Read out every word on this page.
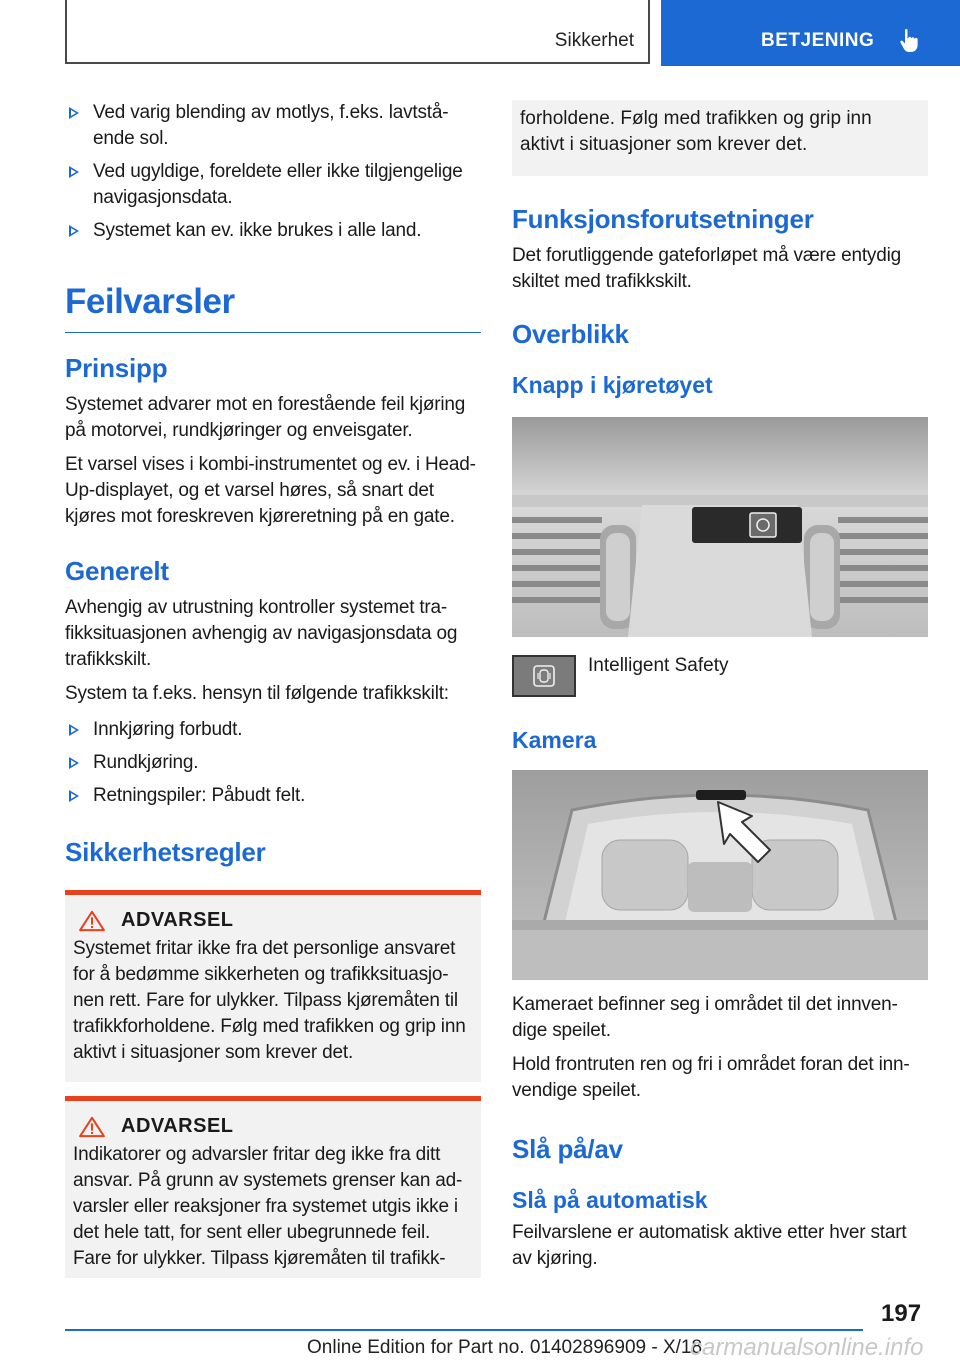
Sikkerhet	BETJENING
Ved varig blending av motlys, f.eks. lavtstå-ende sol.
Ved ugyldige, foreldete eller ikke tilgjengelige navigasjonsdata.
Systemet kan ev. ikke brukes i alle land.
Feilvarsler
Prinsipp

Systemet advarer mot en forestående feil kjøring på motorvei, rundkjøringer og enveisgater.

Et varsel vises i kombi-instrumentet og ev. i Head-Up-displayet, og et varsel høres, så snart det kjøres mot foreskreven kjøreretning på en gate.

Generelt

Avhengig av utrustning kontroller systemet tra-fikksituasjonen avhengig av navigasjonsdata og trafikkskilt.

System ta f.eks. hensyn til følgende trafikkskilt:

Innkjøring forbudt.
Rundkjøring.
Retningspiler: Påbudt felt.
Sikkerhetsregler
ADVARSEL

Systemet fritar ikke fra det personlige ansvaret for å bedømme sikkerheten og trafikksituasjo-nen rett. Fare for ulykker. Tilpass kjøremåten til trafikkforholdene. Følg med trafikken og grip inn aktivt i situasjoner som krever det.

ADVARSEL

Indikatorer og advarsler fritar deg ikke fra ditt ansvar. På grunn av systemets grenser kan ad-varsler eller reaksjoner fra systemet utgis ikke i det hele tatt, for sent eller ubegrunnede feil. Fare for ulykker. Tilpass kjøremåten til trafikk-

forholdene. Følg med trafikken og grip inn aktivt i situasjoner som krever det.

Funksjonsforutsetninger

Det forutliggende gateforløpet må være entydig skiltet med trafikkskilt.

Overblikk
Knapp i kjøretøyet
Intelligent Safety
Kamera

Kameraet befinner seg i området til det innven-dige speilet.

Hold frontruten ren og fri i området foran det inn-vendige speilet.

Slå på/av
Slå på automatisk

Feilvarslene er automatisk aktive etter hver start av kjøring.

197
Online Edition for Part no. 01402896909 - X/18
carmanualsonline.info
